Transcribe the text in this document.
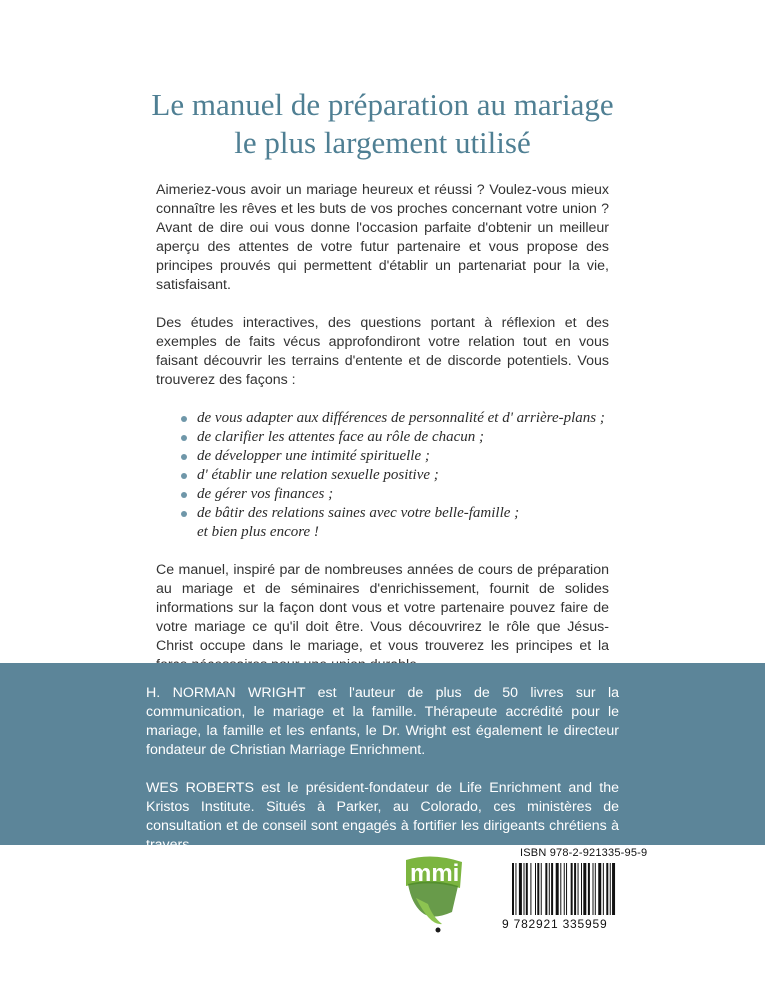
Le manuel de préparation au mariage
le plus largement utilisé

Aimeriez-vous avoir un mariage heureux et réussi ? Voulez-vous mieux connaître les rêves et les buts de vos proches concernant votre union ? Avant de dire oui vous donne l'occasion parfaite d'obtenir un meilleur aperçu des attentes de votre futur partenaire et vous propose des principes prouvés qui permettent d'établir un partenariat pour la vie, satisfaisant.

Des études interactives, des questions portant à réflexion et des exemples de faits vécus approfondiront votre relation tout en vous faisant découvrir les terrains d'entente et de discorde potentiels. Vous trouverez des façons :

de vous adapter aux différences de personnalité et d' arrière-plans ;
de clarifier les attentes face au rôle de chacun ;
de développer une intimité spirituelle ;
d' établir une relation sexuelle positive ;
de gérer vos finances ;
de bâtir des relations saines avec votre belle-famille ;
et bien plus encore !

Ce manuel, inspiré par de nombreuses années de cours de préparation au mariage et de séminaires d'enrichissement, fournit de solides informations sur la façon dont vous et votre partenaire pouvez faire de votre mariage ce qu'il doit être. Vous découvrirez le rôle que Jésus-Christ occupe dans le mariage, et vous trouverez les principes et la

H. NORMAN WRIGHT est l'auteur de plus de 50 livres sur la communication, le mariage et la famille. Thérapeute accrédité pour le mariage, la famille et les enfants, le Dr. Wright est également le directeur fondateur de Christian Marriage Enrichment.

WES ROBERTS est le président-fondateur de Life Enrichment and the Kristos Institute. Situés à Parker, au Colorado, ces ministères de consultation et de conseil sont engagés à fortifier les dirigeants chrétiens à travers

mmi
ISBN 978-2-921335-95-9
9 782921 335959
